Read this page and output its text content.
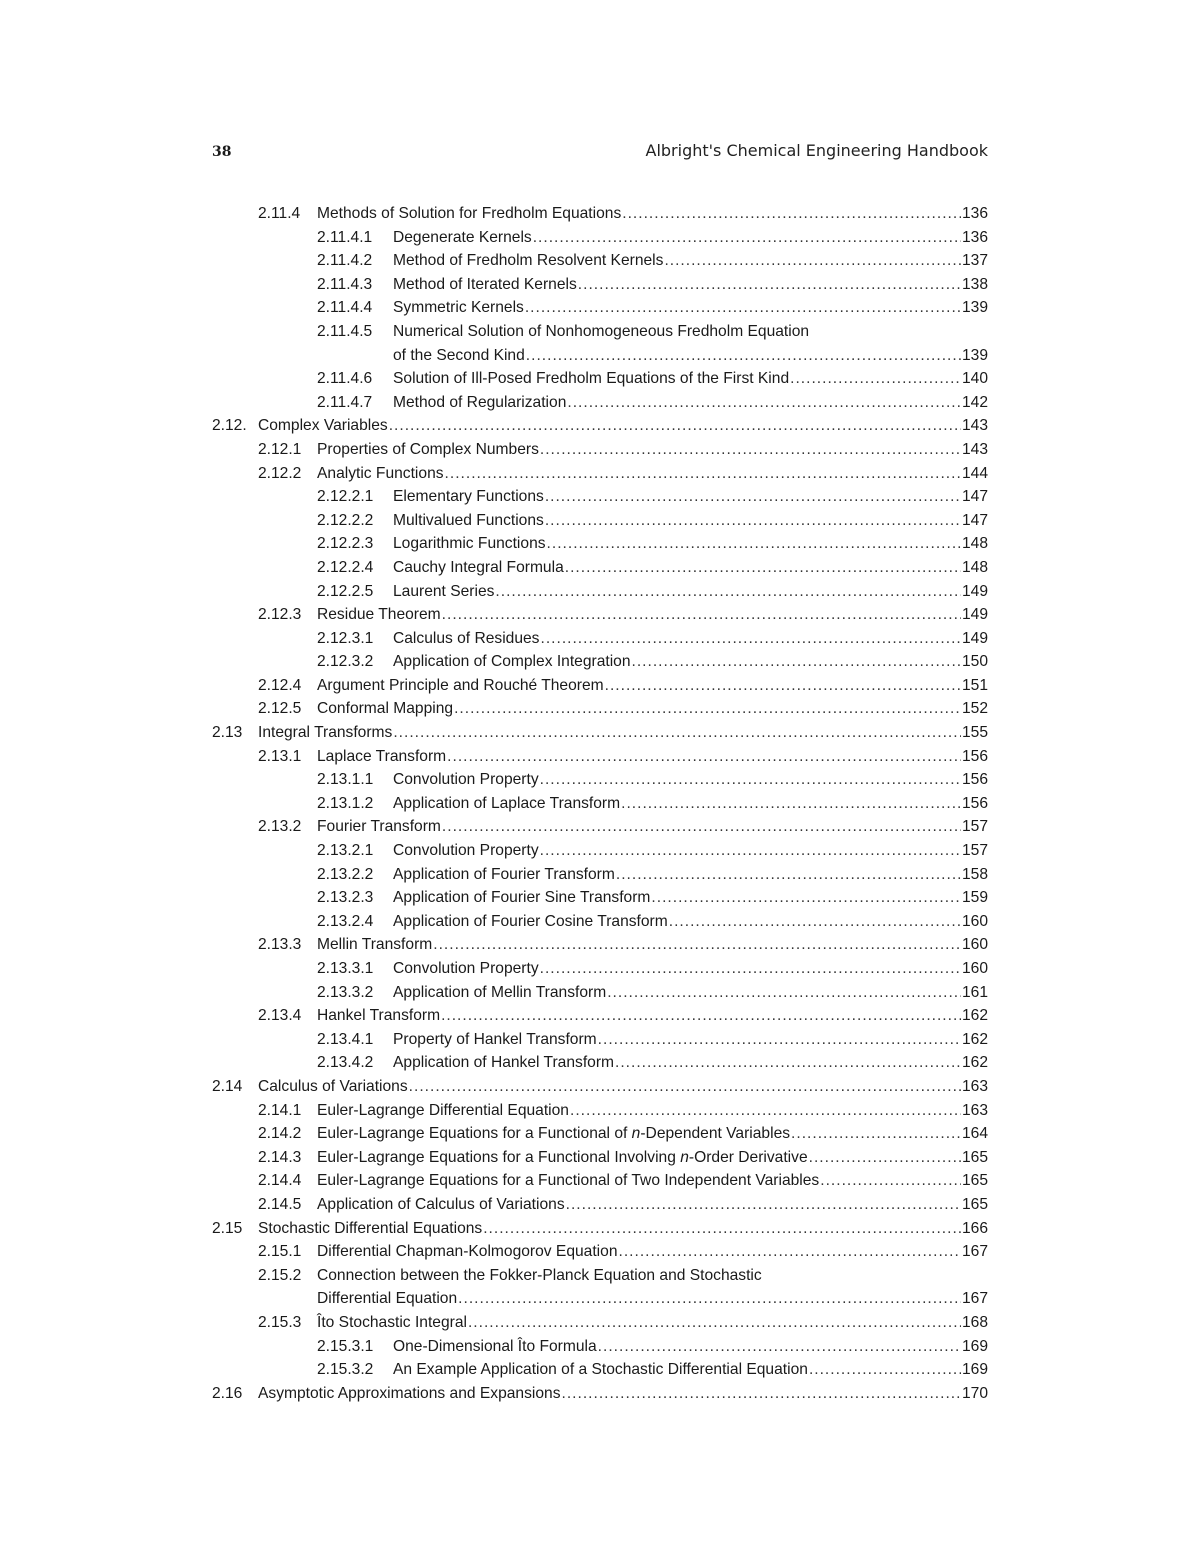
38	Albright's Chemical Engineering Handbook
2.11.4 Methods of Solution for Fredholm Equations .....	136
2.11.4.1 Degenerate Kernels .....	136
2.11.4.2 Method of Fredholm Resolvent Kernels .....	137
2.11.4.3 Method of Iterated Kernels .....	138
2.11.4.4 Symmetric Kernels .....	139
2.11.4.5 Numerical Solution of Nonhomogeneous Fredholm Equation
of the Second Kind .....	139
2.11.4.6 Solution of Ill-Posed Fredholm Equations of the First Kind .....	140
2.11.4.7 Method of Regularization .....	142
2.12. Complex Variables .....	143
2.12.1 Properties of Complex Numbers .....	143
2.12.2 Analytic Functions .....	144
2.12.2.1 Elementary Functions .....	147
2.12.2.2 Multivalued Functions .....	147
2.12.2.3 Logarithmic Functions .....	148
2.12.2.4 Cauchy Integral Formula .....	148
2.12.2.5 Laurent Series .....	149
2.12.3 Residue Theorem .....	149
2.12.3.1 Calculus of Residues .....	149
2.12.3.2 Application of Complex Integration .....	150
2.12.4 Argument Principle and Rouché Theorem .....	151
2.12.5 Conformal Mapping .....	152
2.13 Integral Transforms .....	155
2.13.1 Laplace Transform .....	156
2.13.1.1 Convolution Property .....	156
2.13.1.2 Application of Laplace Transform .....	156
2.13.2 Fourier Transform .....	157
2.13.2.1 Convolution Property .....	157
2.13.2.2 Application of Fourier Transform .....	158
2.13.2.3 Application of Fourier Sine Transform .....	159
2.13.2.4 Application of Fourier Cosine Transform .....	160
2.13.3 Mellin Transform .....	160
2.13.3.1 Convolution Property .....	160
2.13.3.2 Application of Mellin Transform .....	161
2.13.4 Hankel Transform .....	162
2.13.4.1 Property of Hankel Transform .....	162
2.13.4.2 Application of Hankel Transform .....	162
2.14 Calculus of Variations .....	163
2.14.1 Euler-Lagrange Differential Equation .....	163
2.14.2 Euler-Lagrange Equations for a Functional of n-Dependent Variables .....	164
2.14.3 Euler-Lagrange Equations for a Functional Involving n-Order Derivative .....	165
2.14.4 Euler-Lagrange Equations for a Functional of Two Independent Variables .....	165
2.14.5 Application of Calculus of Variations .....	165
2.15 Stochastic Differential Equations .....	166
2.15.1 Differential Chapman-Kolmogorov Equation .....	167
2.15.2 Connection between the Fokker-Planck Equation and Stochastic
Differential Equation .....	167
2.15.3 Îto Stochastic Integral .....	168
2.15.3.1 One-Dimensional Îto Formula .....	169
2.15.3.2 An Example Application of a Stochastic Differential Equation .....	169
2.16 Asymptotic Approximations and Expansions .....	170
